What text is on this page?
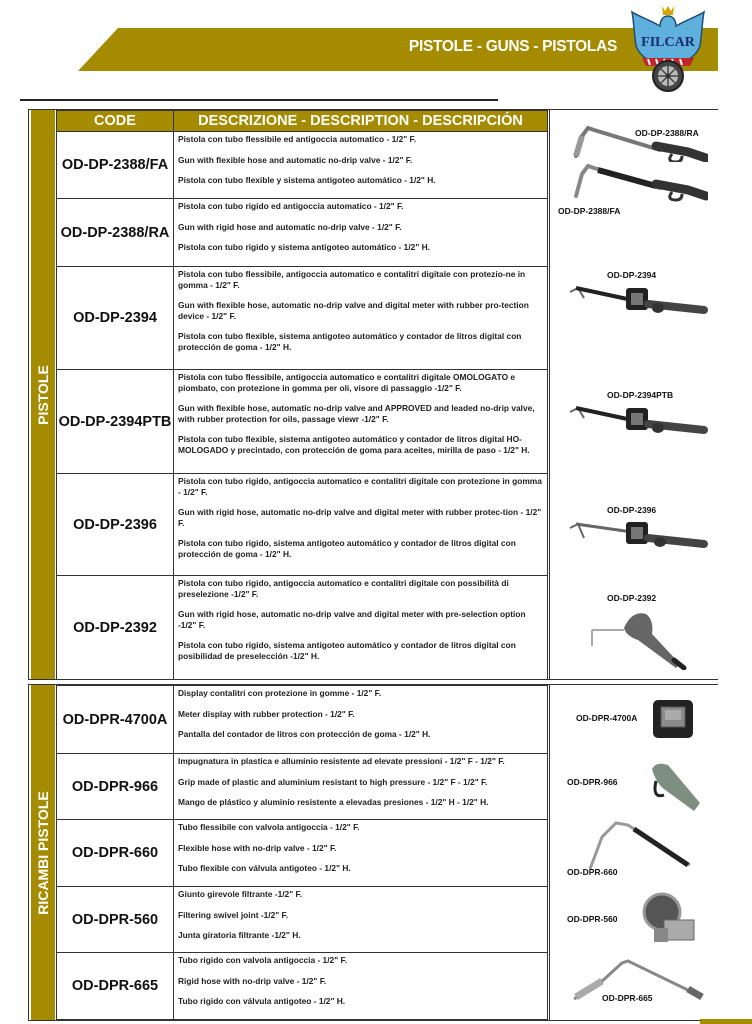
PISTOLE - GUNS - PISTOLAS FILCAR
PISTOLE
CODE	DESCRIZIONE - DESCRIPTION - DESCRIPCIÓN
OD-DP-2388/FA	Pistola con tubo flessibile ed antigoccia automatico - 1/2" F.

Gun with flexible hose and automatic no-drip valve - 1/2" F.

Pistola con tubo flexible y sistema antigoteo automático - 1/2" H.

OD-DP-2388/RA	Pistola con tubo rigido ed antigoccia automatico - 1/2" F.

Gun with rigid hose and automatic no-drip valve - 1/2" F.

Pistola con tubo rigido y sistema antigoteo automático - 1/2" H.

OD-DP-2394	Pistola con tubo flessibile, antigoccia automatico e contalitri digitale con protezio-ne in gomma - 1/2" F.

Gun with flexible hose, automatic no-drip valve and digital meter with rubber pro-tection device - 1/2" F.

Pistola con tubo flexible, sistema antigoteo automático y contador de litros digital con protección de goma - 1/2" H.

OD-DP-2394PTB	Pistola con tubo flessibile, antigoccia automatico e contalitri digitale OMOLOGATO e piombato, con protezione in gomma per oli, visore di passaggio -1/2" F.

Gun with flexible hose, automatic no-drip valve and APPROVED and leaded no-drip valve, with rubber protection for oils, passage viewr -1/2" F.

Pistola con tubo flexible, sistema antigoteo automático y contador de litros digital HO-MOLOGADO y precintado, con protección de goma para aceites, mirilla de paso - 1/2" H.

OD-DP-2396	Pistola con tubo rigido, antigoccia automatico e contalitri digitale con protezione in gomma - 1/2" F.

Gun with rigid hose, automatic no-drip valve and digital meter with rubber protec-tion - 1/2" F.

Pistola con tubo rigido, sistema antigoteo automático y contador de litros digital con protección de goma - 1/2" H.

OD-DP-2392	Pistola con tubo rigido, antigoccia automatico e contalitri digitale con possibilità di preselezione -1/2" F.

Gun with rigid hose, automatic no-drip valve and digital meter with pre-selection option -1/2" F.

Pistola con tubo rigido, sistema antigoteo automático y contador de litros digital con posibilidad de preselección -1/2" H.

OD-DP-2388/RA
OD-DP-2388/FA
OD-DP-2394
OD-DP-2394PTB
OD-DP-2396
OD-DP-2392
RICAMBI PISTOLE
OD-DPR-4700A	Display contalitri con protezione in gomme - 1/2" F.

Meter display with rubber protection - 1/2" F.

Pantalla del contador de litros con protección de goma - 1/2" H.

OD-DPR-966	Impugnatura in plastica e alluminio resistente ad elevate pressioni - 1/2" F - 1/2" F.

Grip made of plastic and aluminium resistant to high pressure - 1/2" F - 1/2" F.

Mango de plástico y aluminio resistente a elevadas presiones - 1/2" H - 1/2" H.

OD-DPR-660	Tubo flessibile con valvola antigoccia - 1/2" F.

Flexible hose with no-drip valve - 1/2" F.

Tubo flexible con válvula antigoteo - 1/2" H.

OD-DPR-560	Giunto girevole filtrante -1/2" F.

Filtering swivel joint -1/2" F.

Junta giratoria filtrante -1/2" H.

OD-DPR-665	Tubo rigido con valvola antigoccia - 1/2" F.

Rigid hose with no-drip valve - 1/2" F.

Tubo rigido con válvula antigoteo - 1/2" H.

OD-DPR-4700A
OD-DPR-966
OD-DPR-660
OD-DPR-560
OD-DPR-665
